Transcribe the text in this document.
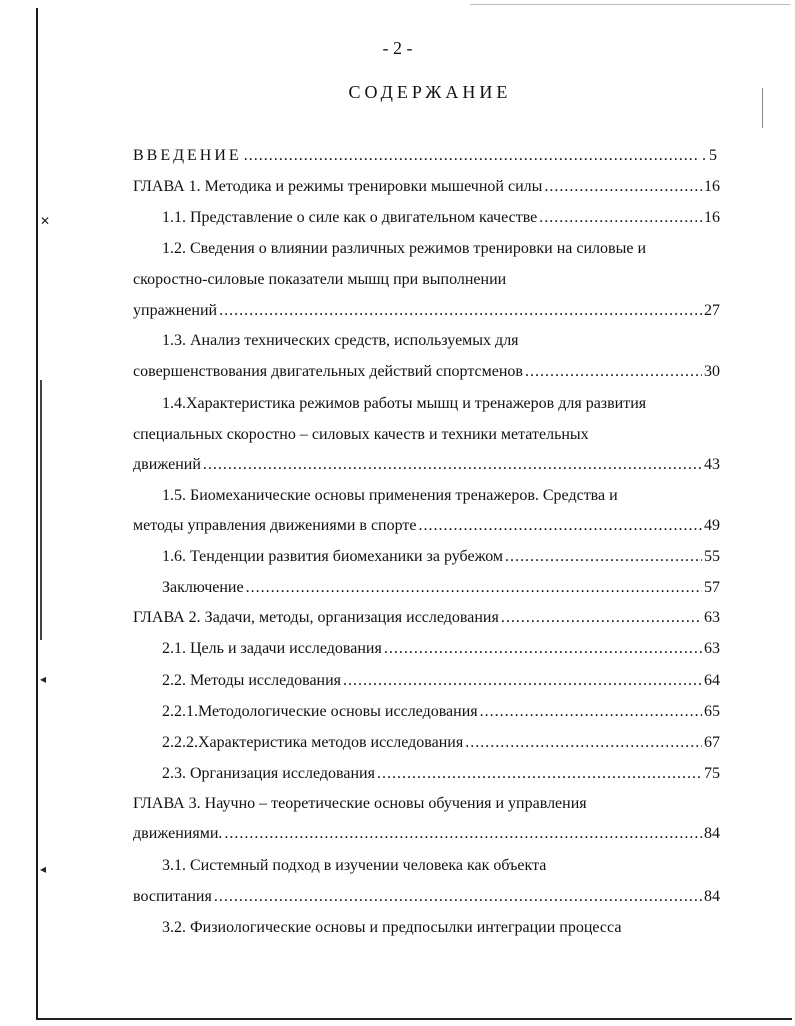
✕
◂
◂
- 2 -
СОДЕРЖАНИЕ
ВВЕДЕНИЕ .....	.5
ГЛАВА 1. Методика и режимы тренировки мышечной силы .....	16
1.1. Представление о силе как о двигательном качестве .....	16
1.2. Сведения о влиянии различных режимов тренировки на силовые и
скоростно-силовые показатели мышц при выполнении
упражнений .....	27
1.3. Анализ технических средств, используемых для
совершенствования двигательных действий спортсменов .....	30
1.4.Характеристика режимов работы мышц и тренажеров для развития
специальных скоростно – силовых качеств и техники метательных
движений .....	43
1.5. Биомеханические основы применения тренажеров. Средства и
методы управления движениями в спорте .....	49
1.6. Тенденции развития биомеханики за рубежом .....	55
Заключение .....	57
ГЛАВА 2. Задачи, методы, организация исследования .....	63
2.1. Цель и задачи исследования .....	63
2.2. Методы исследования .....	64
2.2.1.Методологические основы исследования .....	65
2.2.2.Характеристика методов исследования .....	67
2.3. Организация исследования .....	75
ГЛАВА 3. Научно – теоретические основы обучения и управления
движениями. .....	84
3.1. Системный подход в изучении человека как объекта
воспитания .....	84
3.2. Физиологические основы и предпосылки интеграции процесса
